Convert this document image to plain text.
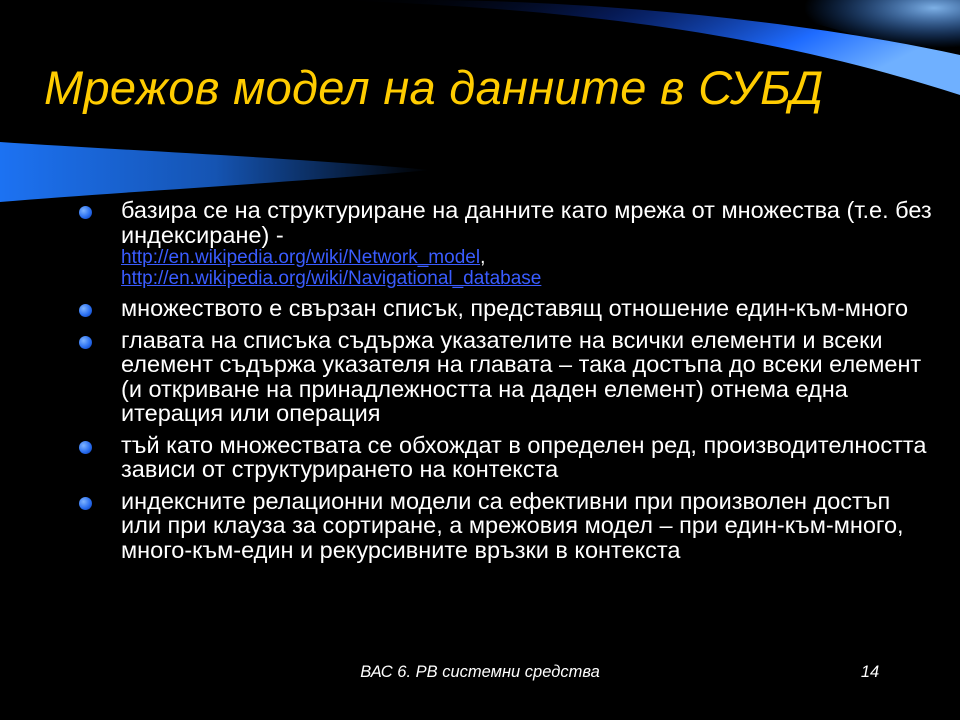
Мрежов модел на данните в СУБД
базира се на структуриране на данните като мрежа от множества (т.е. без индексиране) -
http://en.wikipedia.org/wiki/Network_model,
http://en.wikipedia.org/wiki/Navigational_database
множеството е свързан списък, представящ отношение един-към-много
главата на списъка съдържа указателите на всички елементи и всеки елемент съдържа указателя на главата – така достъпа до всеки елемент (и откриване на принадлежността на даден елемент) отнема една итерация или операция
тъй като множествата се обхождат в определен ред, производителността зависи от структурирането на контекста
индексните релационни модели са ефективни при произволен достъп или при клауза за сортиране, а мрежовия модел – при един-към-много, много-към-един и рекурсивните връзки в контекста
ВАС 6. РВ системни средства	14
